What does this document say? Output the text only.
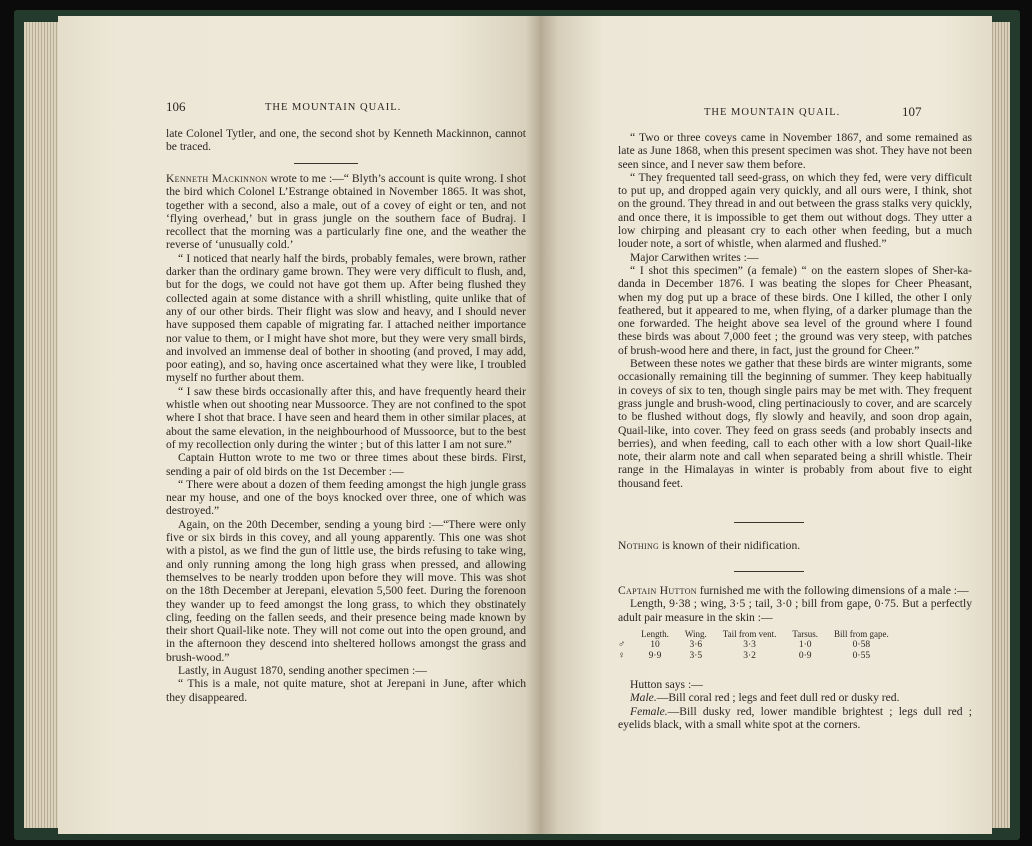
106	THE MOUNTAIN QUAIL.

late Colonel Tytler, and one, the second shot by Kenneth Mackinnon, cannot be traced.

Kenneth Mackinnon wrote to me :—“ Blyth’s account is quite wrong. I shot the bird which Colonel L’Estrange obtained in November 1865. It was shot, together with a second, also a male, out of a covey of eight or ten, and not ‘flying overhead,’ but in grass jungle on the southern face of Budraj. I recollect that the morning was a particularly fine one, and the weather the reverse of ‘unusually cold.’

“ I noticed that nearly half the birds, probably females, were brown, rather darker than the ordinary game brown. They were very difficult to flush, and, but for the dogs, we could not have got them up. After being flushed they collected again at some distance with a shrill whistling, quite unlike that of any of our other birds. Their flight was slow and heavy, and I should never have supposed them capable of migrating far. I attached neither importance nor value to them, or I might have shot more, but they were very small birds, and involved an immense deal of bother in shooting (and proved, I may add, poor eating), and so, having once ascertained what they were like, I troubled myself no further about them.

“ I saw these birds occasionally after this, and have frequently heard their whistle when out shooting near Mussoorce. They are not confined to the spot where I shot that brace. I have seen and heard them in other similar places, at about the same elevation, in the neighbourhood of Mussoorce, but to the best of my recollection only during the winter ; but of this latter I am not sure.”

Captain Hutton wrote to me two or three times about these birds. First, sending a pair of old birds on the 1st December :—

“ There were about a dozen of them feeding amongst the high jungle grass near my house, and one of the boys knocked over three, one of which was destroyed.”

Again, on the 20th December, sending a young bird :—“There were only five or six birds in this covey, and all young apparently. This one was shot with a pistol, as we find the gun of little use, the birds refusing to take wing, and only running among the long high grass when pressed, and allowing themselves to be nearly trodden upon before they will move. This was shot on the 18th December at Jerepani, elevation 5,500 feet. During the forenoon they wander up to feed amongst the long grass, to which they obstinately cling, feeding on the fallen seeds, and their presence being made known by their short Quail-like note. They will not come out into the open ground, and in the afternoon they descend into sheltered hollows amongst the grass and brush-wood.”

Lastly, in August 1870, sending another specimen :—

“ This is a male, not quite mature, shot at Jerepani in June, after which they disappeared.

THE MOUNTAIN QUAIL.	107

“ Two or three coveys came in November 1867, and some remained as late as June 1868, when this present specimen was shot. They have not been seen since, and I never saw them before.

“ They frequented tall seed-grass, on which they fed, were very difficult to put up, and dropped again very quickly, and all ours were, I think, shot on the ground. They thread in and out between the grass stalks very quickly, and once there, it is impossible to get them out without dogs. They utter a low chirping and pleasant cry to each other when feeding, but a much louder note, a sort of whistle, when alarmed and flushed.”

Major Carwithen writes :—

“ I shot this specimen” (a female) “ on the eastern slopes of Sher-ka-danda in December 1876. I was beating the slopes for Cheer Pheasant, when my dog put up a brace of these birds. One I killed, the other I only feathered, but it appeared to me, when flying, of a darker plumage than the one forwarded. The height above sea level of the ground where I found these birds was about 7,000 feet ; the ground was very steep, with patches of brush-wood here and there, in fact, just the ground for Cheer.”

Between these notes we gather that these birds are winter migrants, some occasionally remaining till the beginning of summer. They keep habitually in coveys of six to ten, though single pairs may be met with. They frequent grass jungle and brush-wood, cling pertinaciously to cover, and are scarcely to be flushed without dogs, fly slowly and heavily, and soon drop again, Quail-like, into cover. They feed on grass seeds (and probably insects and berries), and when feeding, call to each other with a low short Quail-like note, their alarm note and call when separated being a shrill whistle. Their range in the Himalayas in winter is probably from about five to eight thousand feet.

Nothing is known of their nidification.

Captain Hutton furnished me with the following dimensions of a male :—

Length, 9·38 ; wing, 3·5 ; tail, 3·0 ; bill from gape, 0·75. But a perfectly adult pair measure in the skin :—

	Length.	Wing.	Tail from vent.	Tarsus.	Bill from gape.
♂	10	3·6	3·3	1·0	0·58
♀	9·9	3·5	3·2	0·9	0·55

Hutton says :—

Male.—Bill coral red ; legs and feet dull red or dusky red.

Female.—Bill dusky red, lower mandible brightest ; legs dull red ; eyelids black, with a small white spot at the corners.
